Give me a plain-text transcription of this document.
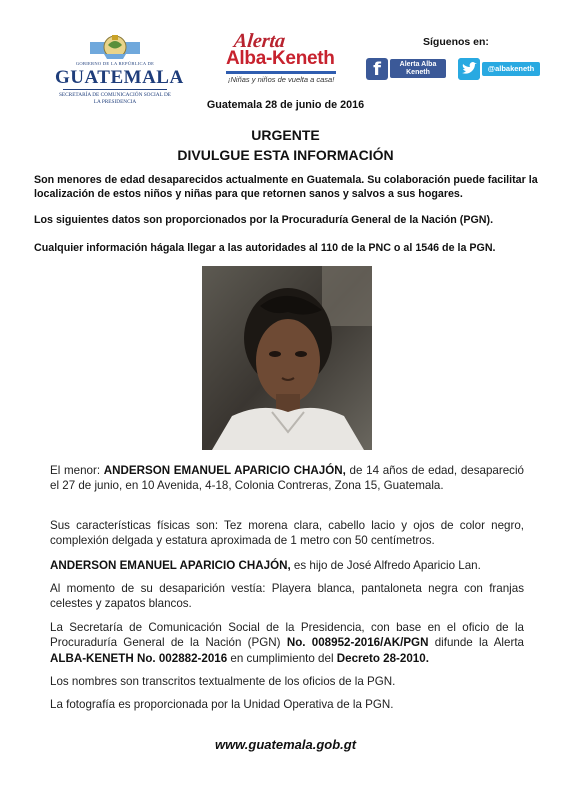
GOBIERNO DE LA REPÚBLICA DE
GUATEMALA
SECRETARÍA DE COMUNICACIÓN SOCIAL DE LA PRESIDENCIA
Alerta
Alba-Keneth
¡Niñas y niños de vuelta a casa!
Síguenos en:
f	Alerta Alba Keneth	@albakeneth
Guatemala 28 de junio de 2016
URGENTE
DIVULGUE ESTA INFORMACIÓN
Son menores de edad desaparecidos actualmente en Guatemala. Su colaboración puede facilitar la localización de estos niños y niñas para que retornen sanos y salvos a sus hogares.
Los siguientes datos son proporcionados por la Procuraduría General de la Nación (PGN).
Cualquier información hágala llegar a las autoridades al 110 de la PNC o al 1546 de la PGN.
El menor: ANDERSON EMANUEL APARICIO CHAJÓN, de 14 años de edad, desapareció el 27 de junio, en 10 Avenida, 4-18, Colonia Contreras, Zona 15, Guatemala.
Sus características físicas son: Tez morena clara, cabello lacio y ojos de color negro, complexión delgada y estatura aproximada de 1 metro con 50 centímetros.
ANDERSON EMANUEL APARICIO CHAJÓN, es hijo de José Alfredo Aparicio Lan.
Al momento de su desaparición vestía: Playera blanca, pantaloneta negra con franjas celestes y zapatos blancos.
La Secretaría de Comunicación Social de la Presidencia, con base en el oficio de la Procuraduría General de la Nación (PGN) No. 008952-2016/AK/PGN difunde la Alerta ALBA-KENETH No. 002882-2016 en cumplimiento del Decreto 28-2010.
Los nombres son transcritos textualmente de los oficios de la PGN.
La fotografía es proporcionada por la Unidad Operativa de la PGN.
www.guatemala.gob.gt
